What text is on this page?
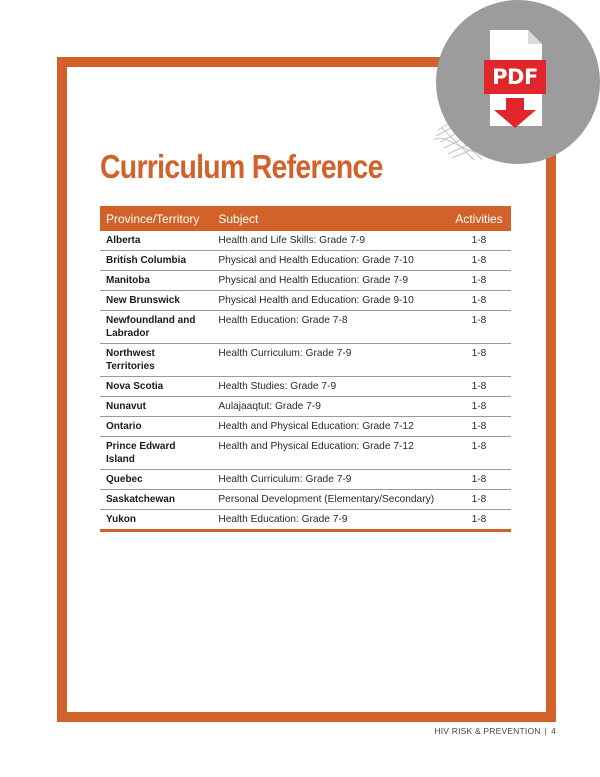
Curriculum Reference
Province/Territory	Subject	Activities
Alberta	Health and Life Skills: Grade 7-9	1-8
British Columbia	Physical and Health Education: Grade 7-10	1-8
Manitoba	Physical and Health Education: Grade 7-9	1-8
New Brunswick	Physical Health and Education: Grade 9-10	1-8
Newfoundland and Labrador	Health Education: Grade 7-8	1-8
Northwest Territories	Health Curriculum: Grade 7-9	1-8
Nova Scotia	Health Studies: Grade 7-9	1-8
Nunavut	Aulajaaqtut: Grade 7-9	1-8
Ontario	Health and Physical Education: Grade 7-12	1-8
Prince Edward Island	Health and Physical Education: Grade 7-12	1-8
Quebec	Health Curriculum: Grade 7-9	1-8
Saskatchewan	Personal Development (Elementary/Secondary)	1-8
Yukon	Health Education: Grade 7-9	1-8
HIV RISK & PREVENTION | 4
PDF
